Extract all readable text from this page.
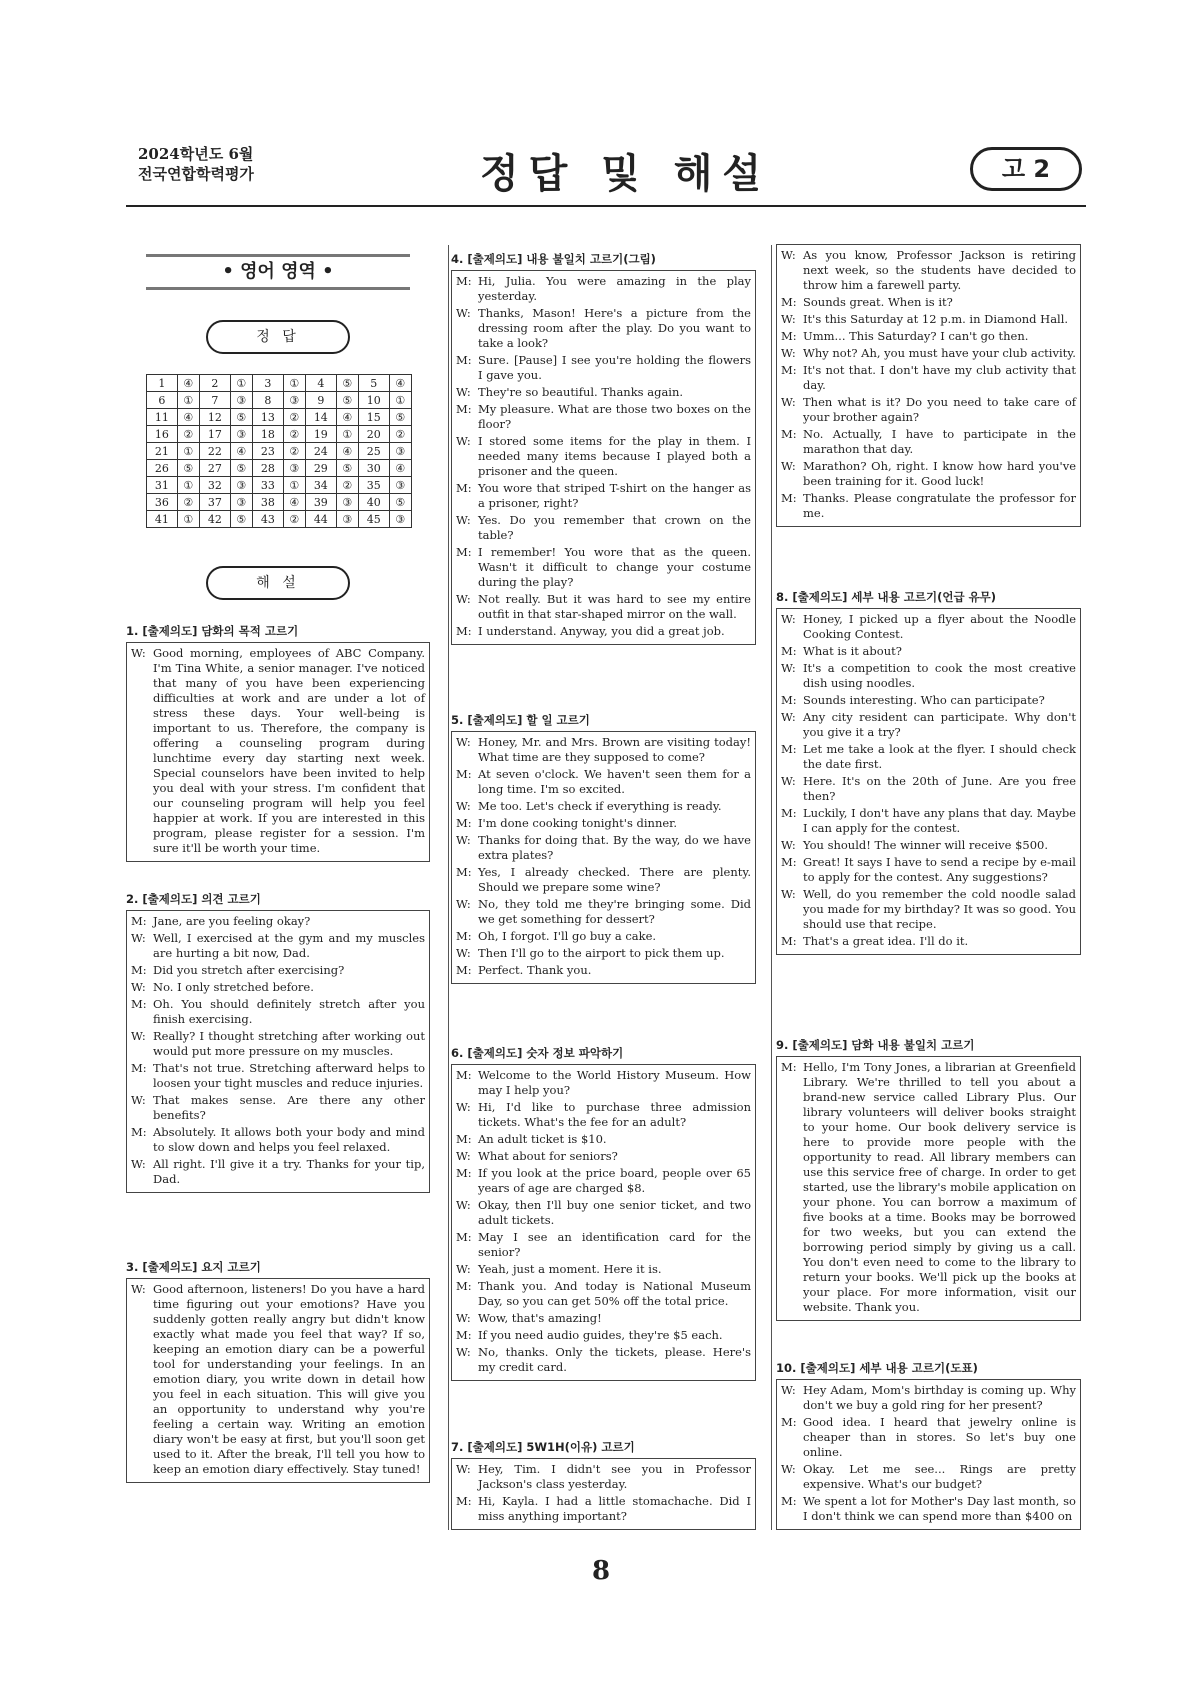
2024학년도 6월
전국연합학력평가	정답 및 해설	고 2
• 영어 영역 •
정 답
1	④	2	①	3	①	4	⑤	5	④
6	①	7	③	8	③	9	⑤	10	①
11	④	12	⑤	13	②	14	④	15	⑤
16	②	17	③	18	②	19	①	20	②
21	①	22	④	23	②	24	④	25	③
26	⑤	27	⑤	28	③	29	⑤	30	④
31	①	32	③	33	①	34	②	35	③
36	②	37	③	38	④	39	③	40	⑤
41	①	42	⑤	43	②	44	③	45	③
해 설
1. [출제의도] 담화의 목적 고르기
W: Good morning, employees of ABC Company. I'm Tina White, a senior manager. I've noticed that many of you have been experiencing difficulties at work and are under a lot of stress these days. Your well-being is important to us. Therefore, the company is offering a counseling program during lunchtime every day starting next week. Special counselors have been invited to help you deal with your stress. I'm confident that our counseling program will help you feel happier at work. If you are interested in this program, please register for a session. I'm sure it'll be worth your time.
2. [출제의도] 의견 고르기
M: Jane, are you feeling okay?
W: Well, I exercised at the gym and my muscles are hurting a bit now, Dad.
M: Did you stretch after exercising?
W: No. I only stretched before.
M: Oh. You should definitely stretch after you finish exercising.
W: Really? I thought stretching after working out would put more pressure on my muscles.
M: That's not true. Stretching afterward helps to loosen your tight muscles and reduce injuries.
W: That makes sense. Are there any other benefits?
M: Absolutely. It allows both your body and mind to slow down and helps you feel relaxed.
W: All right. I'll give it a try. Thanks for your tip, Dad.
3. [출제의도] 요지 고르기
W: Good afternoon, listeners! Do you have a hard time figuring out your emotions? Have you suddenly gotten really angry but didn't know exactly what made you feel that way? If so, keeping an emotion diary can be a powerful tool for understanding your feelings. In an emotion diary, you write down in detail how you feel in each situation. This will give you an opportunity to understand why you're feeling a certain way. Writing an emotion diary won't be easy at first, but you'll soon get used to it. After the break, I'll tell you how to keep an emotion diary effectively. Stay tuned!
4. [출제의도] 내용 불일치 고르기(그림)
M: Hi, Julia. You were amazing in the play yesterday.
W: Thanks, Mason! Here's a picture from the dressing room after the play. Do you want to take a look?
M: Sure. [Pause] I see you're holding the flowers I gave you.
W: They're so beautiful. Thanks again.
M: My pleasure. What are those two boxes on the floor?
W: I stored some items for the play in them. I needed many items because I played both a prisoner and the queen.
M: You wore that striped T-shirt on the hanger as a prisoner, right?
W: Yes. Do you remember that crown on the table?
M: I remember! You wore that as the queen. Wasn't it difficult to change your costume during the play?
W: Not really. But it was hard to see my entire outfit in that star-shaped mirror on the wall.
M: I understand. Anyway, you did a great job.
5. [출제의도] 할 일 고르기
W: Honey, Mr. and Mrs. Brown are visiting today! What time are they supposed to come?
M: At seven o'clock. We haven't seen them for a long time. I'm so excited.
W: Me too. Let's check if everything is ready.
M: I'm done cooking tonight's dinner.
W: Thanks for doing that. By the way, do we have extra plates?
M: Yes, I already checked. There are plenty. Should we prepare some wine?
W: No, they told me they're bringing some. Did we get something for dessert?
M: Oh, I forgot. I'll go buy a cake.
W: Then I'll go to the airport to pick them up.
M: Perfect. Thank you.
6. [출제의도] 숫자 정보 파악하기
M: Welcome to the World History Museum. How may I help you?
W: Hi, I'd like to purchase three admission tickets. What's the fee for an adult?
M: An adult ticket is $10.
W: What about for seniors?
M: If you look at the price board, people over 65 years of age are charged $8.
W: Okay, then I'll buy one senior ticket, and two adult tickets.
M: May I see an identification card for the senior?
W: Yeah, just a moment. Here it is.
M: Thank you. And today is National Museum Day, so you can get 50% off the total price.
W: Wow, that's amazing!
M: If you need audio guides, they're $5 each.
W: No, thanks. Only the tickets, please. Here's my credit card.
7. [출제의도] 5W1H(이유) 고르기
W: Hey, Tim. I didn't see you in Professor Jackson's class yesterday.
M: Hi, Kayla. I had a little stomachache. Did I miss anything important?
W: As you know, Professor Jackson is retiring next week, so the students have decided to throw him a farewell party.
M: Sounds great. When is it?
W: It's this Saturday at 12 p.m. in Diamond Hall.
M: Umm... This Saturday? I can't go then.
W: Why not? Ah, you must have your club activity.
M: It's not that. I don't have my club activity that day.
W: Then what is it? Do you need to take care of your brother again?
M: No. Actually, I have to participate in the marathon that day.
W: Marathon? Oh, right. I know how hard you've been training for it. Good luck!
M: Thanks. Please congratulate the professor for me.
8. [출제의도] 세부 내용 고르기(언급 유무)
W: Honey, I picked up a flyer about the Noodle Cooking Contest.
M: What is it about?
W: It's a competition to cook the most creative dish using noodles.
M: Sounds interesting. Who can participate?
W: Any city resident can participate. Why don't you give it a try?
M: Let me take a look at the flyer. I should check the date first.
W: Here. It's on the 20th of June. Are you free then?
M: Luckily, I don't have any plans that day. Maybe I can apply for the contest.
W: You should! The winner will receive $500.
M: Great! It says I have to send a recipe by e-mail to apply for the contest. Any suggestions?
W: Well, do you remember the cold noodle salad you made for my birthday? It was so good. You should use that recipe.
M: That's a great idea. I'll do it.
9. [출제의도] 담화 내용 불일치 고르기
M: Hello, I'm Tony Jones, a librarian at Greenfield Library. We're thrilled to tell you about a brand-new service called Library Plus. Our library volunteers will deliver books straight to your home. Our book delivery service is here to provide more people with the opportunity to read. All library members can use this service free of charge. In order to get started, use the library's mobile application on your phone. You can borrow a maximum of five books at a time. Books may be borrowed for two weeks, but you can extend the borrowing period simply by giving us a call. You don't even need to come to the library to return your books. We'll pick up the books at your place. For more information, visit our website. Thank you.
10. [출제의도] 세부 내용 고르기(도표)
W: Hey Adam, Mom's birthday is coming up. Why don't we buy a gold ring for her present?
M: Good idea. I heard that jewelry online is cheaper than in stores. So let's buy one online.
W: Okay. Let me see... Rings are pretty expensive. What's our budget?
M: We spent a lot for Mother's Day last month, so I don't think we can spend more than $400 on
8
